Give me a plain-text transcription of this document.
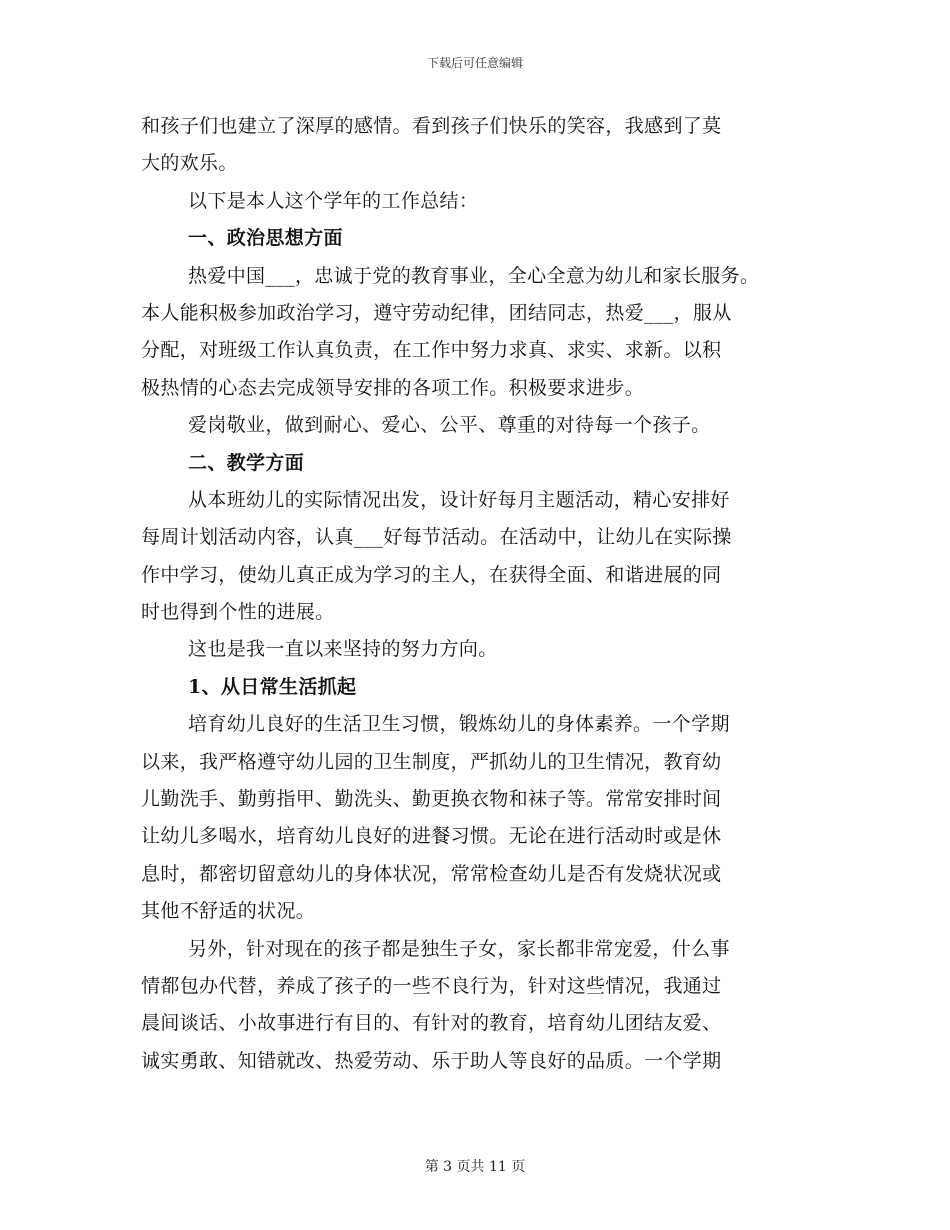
下载后可任意编辑
和孩子们也建立了深厚的感情。看到孩子们快乐的笑容，我感到了莫
大的欢乐。
以下是本人这个学年的工作总结：
一、政治思想方面
热爱中国___，忠诚于党的教育事业，全心全意为幼儿和家长服务。
本人能积极参加政治学习，遵守劳动纪律，团结同志，热爱___，服从
分配，对班级工作认真负责，在工作中努力求真、求实、求新。以积
极热情的心态去完成领导安排的各项工作。积极要求进步。
爱岗敬业，做到耐心、爱心、公平、尊重的对待每一个孩子。
二、教学方面
从本班幼儿的实际情况出发，设计好每月主题活动，精心安排好
每周计划活动内容，认真___好每节活动。在活动中，让幼儿在实际操
作中学习，使幼儿真正成为学习的主人，在获得全面、和谐进展的同
时也得到个性的进展。
这也是我一直以来坚持的努力方向。
1、从日常生活抓起
培育幼儿良好的生活卫生习惯，锻炼幼儿的身体素养。一个学期
以来，我严格遵守幼儿园的卫生制度，严抓幼儿的卫生情况，教育幼
儿勤洗手、勤剪指甲、勤洗头、勤更换衣物和袜子等。常常安排时间
让幼儿多喝水，培育幼儿良好的进餐习惯。无论在进行活动时或是休
息时，都密切留意幼儿的身体状况，常常检查幼儿是否有发烧状况或
其他不舒适的状况。
另外，针对现在的孩子都是独生子女，家长都非常宠爱，什么事
情都包办代替，养成了孩子的一些不良行为，针对这些情况，我通过
晨间谈话、小故事进行有目的、有针对的教育，培育幼儿团结友爱、
诚实勇敢、知错就改、热爱劳动、乐于助人等良好的品质。一个学期
第 3 页共 11 页
